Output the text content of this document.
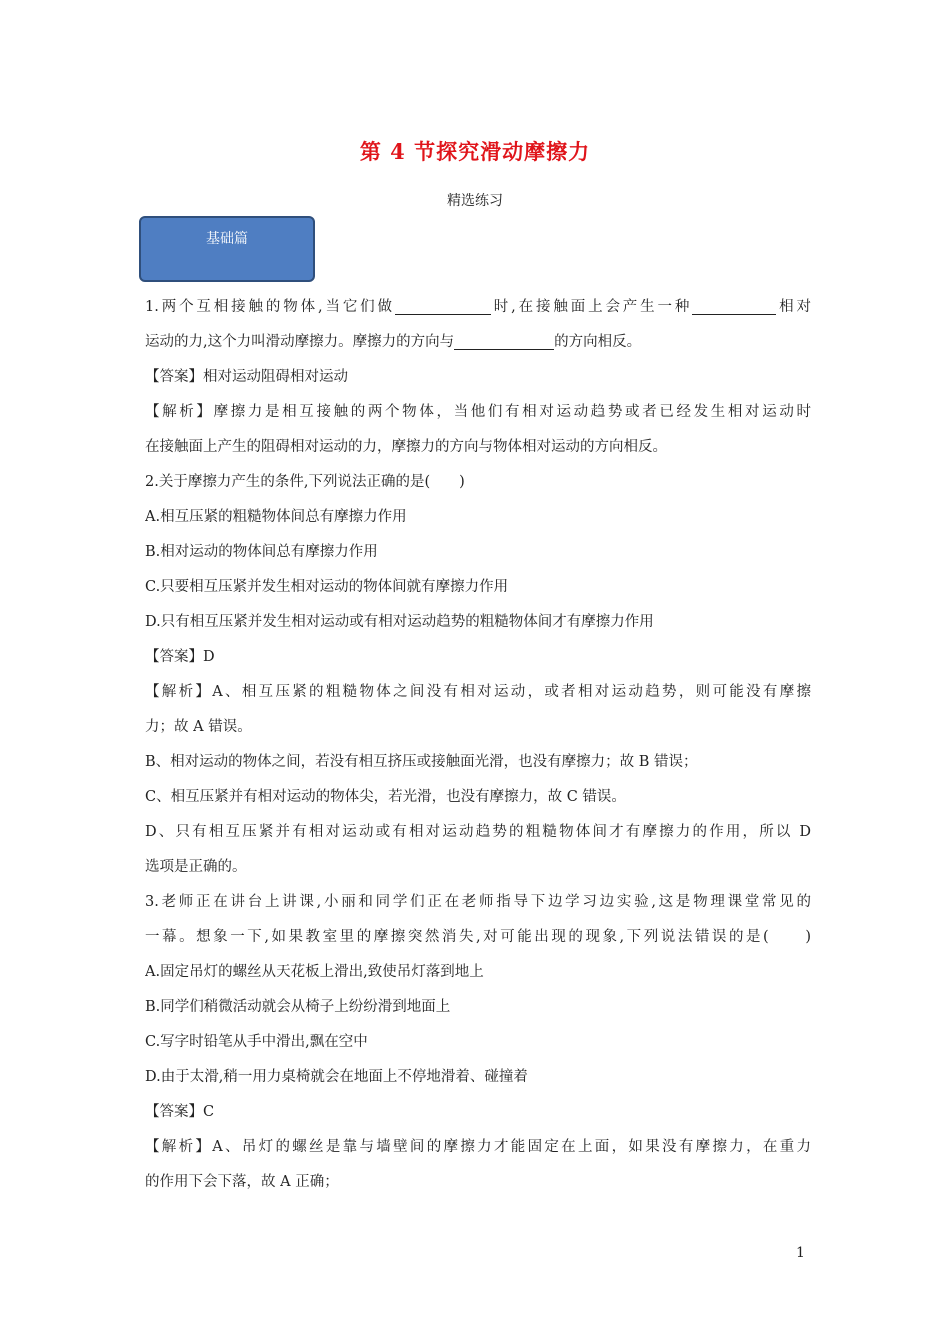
第 4 节探究滑动摩擦力
精选练习
基础篇
1.两个互相接触的物体,当它们做	时,在接触面上会产生一种	相对
运动的力,这个力叫滑动摩擦力。摩擦力的方向与	的方向相反。
【答案】相对运动阻碍相对运动
【解析】摩擦力是相互接触的两个物体，当他们有相对运动趋势或者已经发生相对运动时
在接触面上产生的阻碍相对运动的力，摩擦力的方向与物体相对运动的方向相反。
2.关于摩擦力产生的条件,下列说法正确的是(　　)
A.相互压紧的粗糙物体间总有摩擦力作用
B.相对运动的物体间总有摩擦力作用
C.只要相互压紧并发生相对运动的物体间就有摩擦力作用
D.只有相互压紧并发生相对运动或有相对运动趋势的粗糙物体间才有摩擦力作用
【答案】D
【解析】A、相互压紧的粗糙物体之间没有相对运动，或者相对运动趋势，则可能没有摩擦
力；故 A 错误。
B、相对运动的物体之间，若没有相互挤压或接触面光滑，也没有摩擦力；故 B 错误；
C、相互压紧并有相对运动的物体尖，若光滑，也没有摩擦力，故 C 错误。
D、只有相互压紧并有相对运动或有相对运动趋势的粗糙物体间才有摩擦力的作用，所以 D
选项是正确的。
3.老师正在讲台上讲课,小丽和同学们正在老师指导下边学习边实验,这是物理课堂常见的
一幕。想象一下,如果教室里的摩擦突然消失,对可能出现的现象,下列说法错误的是(　　)
A.固定吊灯的螺丝从天花板上滑出,致使吊灯落到地上
B.同学们稍微活动就会从椅子上纷纷滑到地面上
C.写字时铅笔从手中滑出,飘在空中
D.由于太滑,稍一用力桌椅就会在地面上不停地滑着、碰撞着
【答案】C
【解析】A、吊灯的螺丝是靠与墙壁间的摩擦力才能固定在上面，如果没有摩擦力，在重力
的作用下会下落，故 A 正确；
1
